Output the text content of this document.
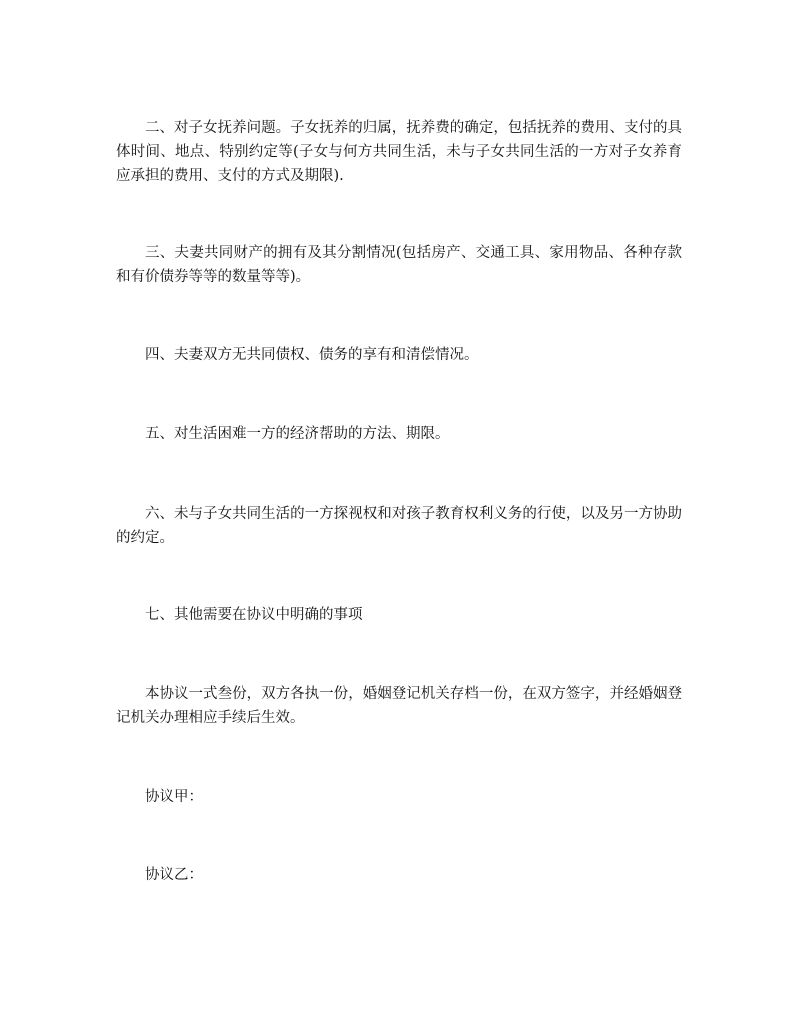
二、对子女抚养问题。子女抚养的归属，抚养费的确定，包括抚养的费用、支付的具体时间、地点、特别约定等(子女与何方共同生活，未与子女共同生活的一方对子女养育应承担的费用、支付的方式及期限).

三、夫妻共同财产的拥有及其分割情况(包括房产、交通工具、家用物品、各种存款和有价债券等等的数量等等)。

四、夫妻双方无共同债权、债务的享有和清偿情况。

五、对生活困难一方的经济帮助的方法、期限。

六、未与子女共同生活的一方探视权和对孩子教育权利义务的行使，以及另一方协助的约定。

七、其他需要在协议中明确的事项

本协议一式叁份，双方各执一份，婚姻登记机关存档一份，在双方签字，并经婚姻登记机关办理相应手续后生效。

协议甲：

协议乙：
